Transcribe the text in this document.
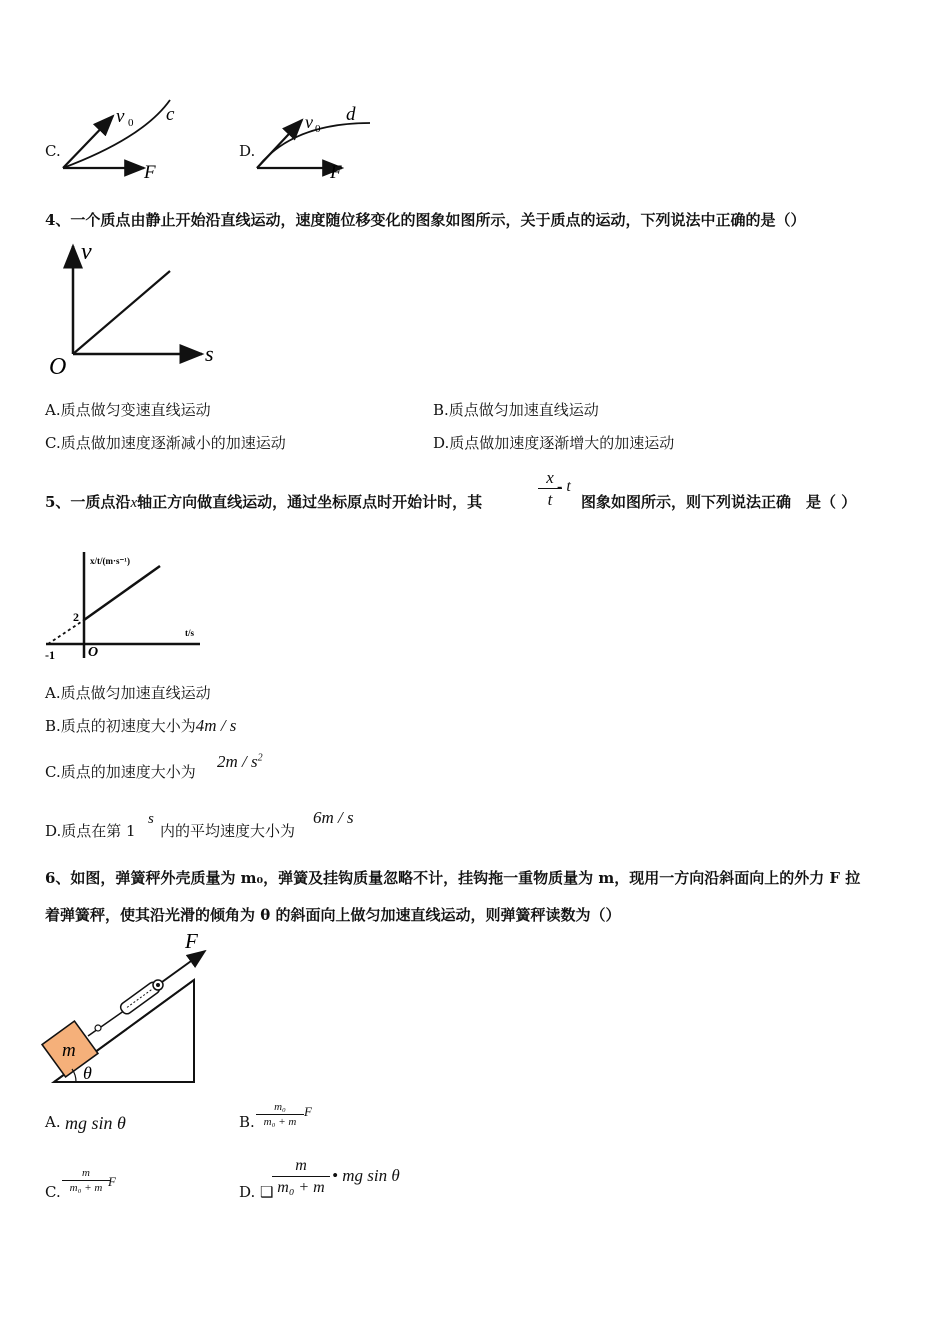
C.
v 0 c
F
D.
v 0
d
F
4、一个质点由静止开始沿直线运动，速度随位移变化的图象如图所示，关于质点的运动，下列说法中正确的是（）
v
s
O
A.质点做匀变速直线运动	B.质点做匀加速直线运动
C.质点做加速度逐渐减小的加速运动	D.质点做加速度逐渐增大的加速运动
5、一质点沿x轴正方向做直线运动，通过坐标原点时开始计时，其	$\frac{x}{t}$
- t
图象如图所示，则下列说法正确　是（ ）
x/t/(m·s⁻¹)
t/s
2
-1 O
A.质点做匀加速直线运动
B.质点的初速度大小为4m / s
C.质点的加速度大小为
$2m / s^2$
D.质点在第 1
s
内的平均速度大小为
6m / s
6、如图，弹簧秤外壳质量为 m₀，弹簧及挂钩质量忽略不计，挂钩拖一重物质量为 m，现用一方向沿斜面向上的外力 F 拉
着弹簧秤，使其沿光滑的倾角为 θ 的斜面向上做匀加速直线运动，则弹簧秤读数为（）
m
F
θ
A. mg sin θ	B. $\frac{\text{m₀}}{\text{m₀ + m}}$ F
C. $\frac{m}{\text{m₀ + m}}$
F
D. ❑
$\frac{m}{\text{m₀ + m}}$ • mg sin θ
